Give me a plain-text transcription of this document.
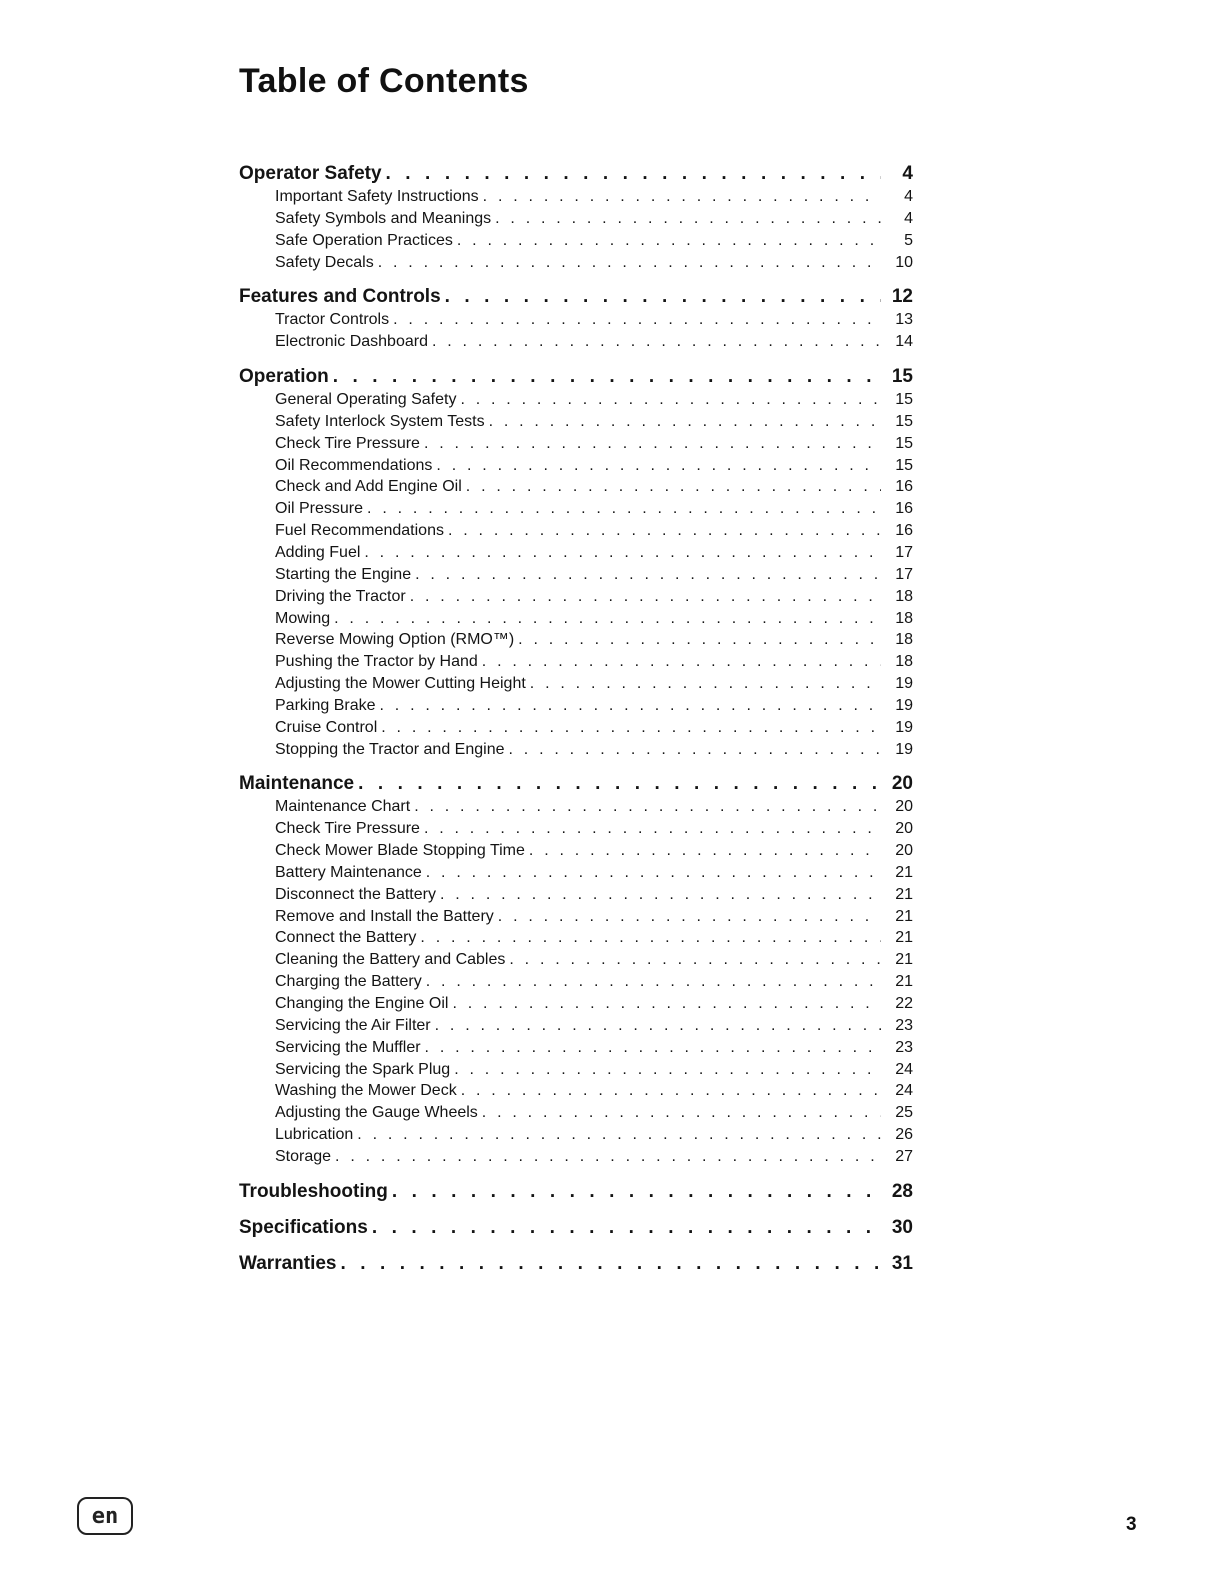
Table of Contents
Operator Safety . . .	4
Important Safety Instructions . . .	4
Safety Symbols and Meanings . . .	4
Safe Operation Practices . . .	5
Safety Decals . . .	10
Features and Controls . . .	12
Tractor Controls . . .	13
Electronic Dashboard . . .	14
Operation . . .	15
General Operating Safety . . .	15
Safety Interlock System Tests . . .	15
Check Tire Pressure . . .	15
Oil Recommendations . . .	15
Check and Add Engine Oil . . .	16
Oil Pressure . . .	16
Fuel Recommendations . . .	16
Adding Fuel . . .	17
Starting the Engine . . .	17
Driving the Tractor . . .	18
Mowing . . .	18
Reverse Mowing Option (RMO™) . . .	18
Pushing the Tractor by Hand . . .	18
Adjusting the Mower Cutting Height . . .	19
Parking Brake . . .	19
Cruise Control . . .	19
Stopping the Tractor and Engine . . .	19
Maintenance . . .	20
Maintenance Chart . . .	20
Check Tire Pressure . . .	20
Check Mower Blade Stopping Time . . .	20
Battery Maintenance . . .	21
Disconnect the Battery . . .	21
Remove and Install the Battery . . .	21
Connect the Battery . . .	21
Cleaning the Battery and Cables . . .	21
Charging the Battery . . .	21
Changing the Engine Oil . . .	22
Servicing the Air Filter . . .	23
Servicing the Muffler . . .	23
Servicing the Spark Plug . . .	24
Washing the Mower Deck . . .	24
Adjusting the Gauge Wheels . . .	25
Lubrication . . .	26
Storage . . .	27
Troubleshooting . . .	28
Specifications . . .	30
Warranties . . .	31
en	3
